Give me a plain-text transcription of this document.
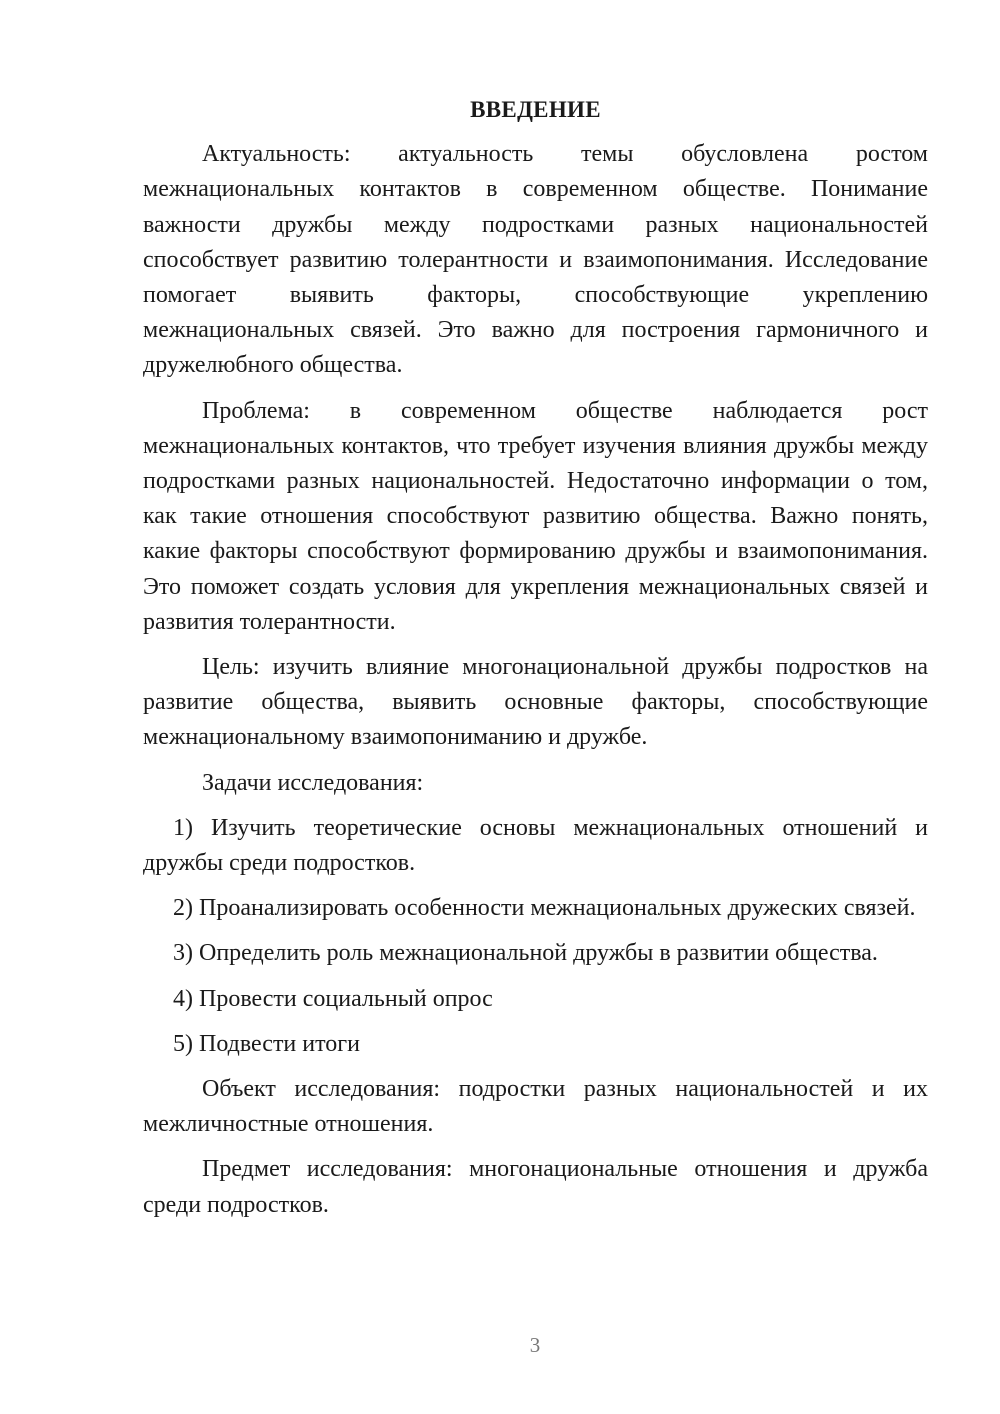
ВВЕДЕНИЕ

Актуальность: актуальность темы обусловлена ростом межнациональных контактов в современном обществе. Понимание важности дружбы между подростками разных национальностей способствует развитию толерантности и взаимопонимания. Исследование помогает выявить факторы, способствующие укреплению межнациональных связей. Это важно для построения гармоничного и дружелюбного общества.

Проблема: в современном обществе наблюдается рост межнациональных контактов, что требует изучения влияния дружбы между подростками разных национальностей. Недостаточно информации о том, как такие отношения способствуют развитию общества. Важно понять, какие факторы способствуют формированию дружбы и взаимопонимания. Это поможет создать условия для укрепления межнациональных связей и развития толерантности.

Цель: изучить влияние многонациональной дружбы подростков на развитие общества, выявить основные факторы, способствующие межнациональному взаимопониманию и дружбе.

Задачи исследования:

1) Изучить теоретические основы межнациональных отношений и дружбы среди подростков.

2) Проанализировать особенности межнациональных дружеских связей.

3) Определить роль межнациональной дружбы в развитии общества.

4) Провести социальный опрос

5) Подвести итоги

Объект исследования: подростки разных национальностей и их межличностные отношения.

Предмет исследования: многонациональные отношения и дружба среди подростков.

3
